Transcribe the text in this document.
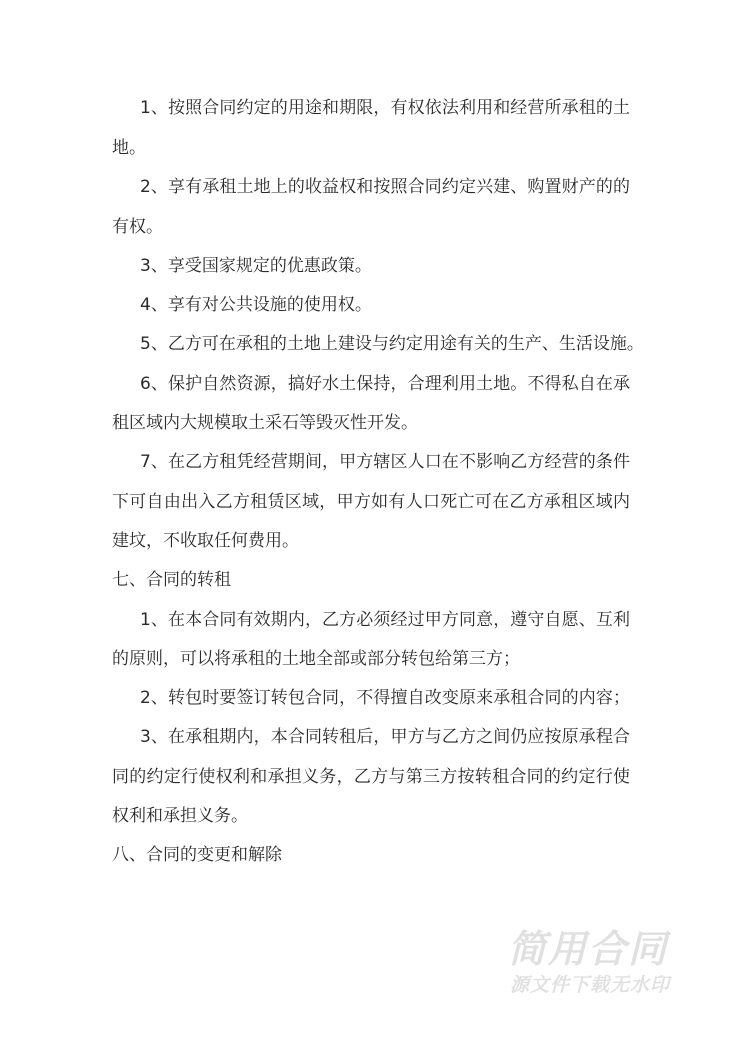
1、按照合同约定的用途和期限，有权依法利用和经营所承租的土
地。
2、享有承租土地上的收益权和按照合同约定兴建、购置财产的的
有权。
3、享受国家规定的优惠政策。
4、享有对公共设施的使用权。
5、乙方可在承租的土地上建设与约定用途有关的生产、生活设施。
6、保护自然资源，搞好水土保持，合理利用土地。不得私自在承
租区域内大规模取土采石等毁灭性开发。
7、在乙方租凭经营期间，甲方辖区人口在不影响乙方经营的条件
下可自由出入乙方租赁区域，甲方如有人口死亡可在乙方承租区域内
建坟，不收取任何费用。
七、合同的转租
1、在本合同有效期内，乙方必须经过甲方同意，遵守自愿、互利
的原则，可以将承租的土地全部或部分转包给第三方；
2、转包时要签订转包合同，不得擅自改变原来承租合同的内容；
3、在承租期内，本合同转租后，甲方与乙方之间仍应按原承程合
同的约定行使权利和承担义务，乙方与第三方按转租合同的约定行使
权利和承担义务。
八、合同的变更和解除
简用合同
源文件下载无水印
